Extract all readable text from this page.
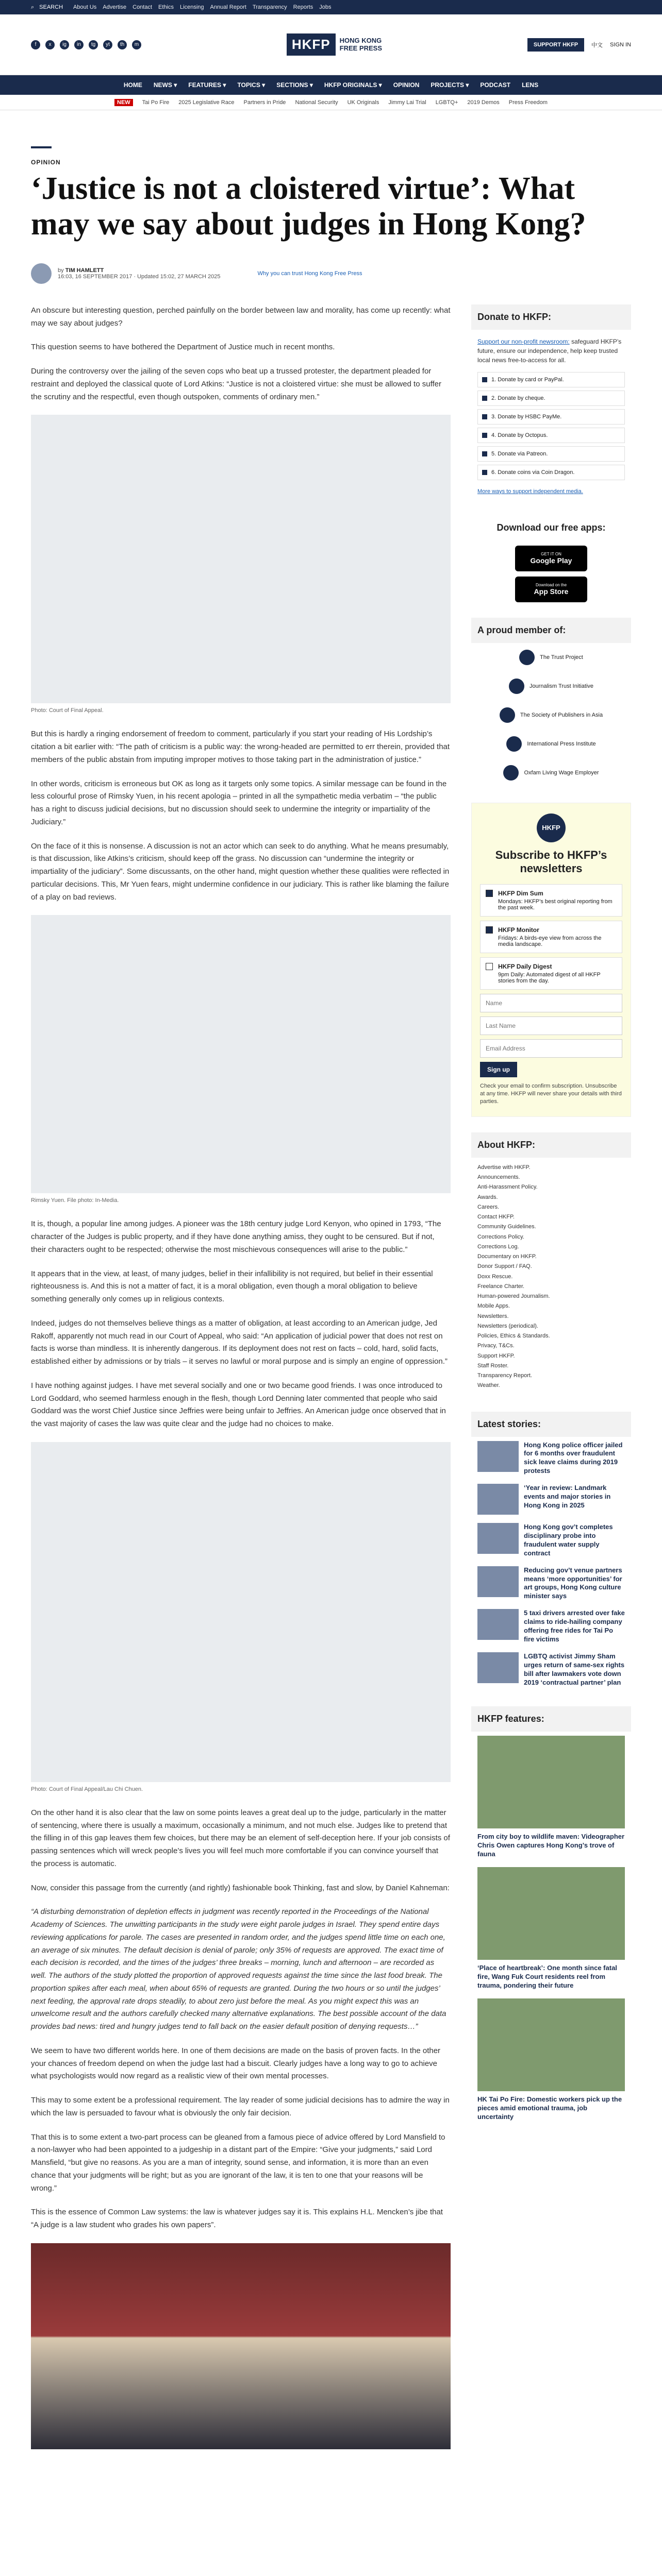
⌕ SEARCH About Us Advertise Contact Ethics Licensing Annual Report Transparency Reports Jobs
f	x	ig	in	tg	yt	th	m	HKFP	HONG KONG
FREE PRESS	SUPPORT HKFP	中文 SIGN IN
HOME NEWS ▾ FEATURES ▾ TOPICS ▾ SECTIONS ▾ HKFP ORIGINALS ▾ OPINION PROJECTS ▾ PODCAST LENS
NEW	Tai Po Fire 2025 Legislative Race Partners in Pride National Security UK Originals Jimmy Lai Trial LGBTQ+ 2019 Demos Press Freedom
OPINION
‘Justice is not a cloistered virtue’: What may we say about judges in Hong Kong?
by TIM HAMLETT
16:03, 16 SEPTEMBER 2017 · Updated 15:02, 27 MARCH 2025	Why you can trust Hong Kong Free Press

An obscure but interesting question, perched painfully on the border between law and morality, has come up recently: what may we say about judges?

This question seems to have bothered the Department of Justice much in recent months.

During the controversy over the jailing of the seven cops who beat up a trussed protester, the department pleaded for restraint and deployed the classical quote of Lord Atkins: “Justice is not a cloistered virtue: she must be allowed to suffer the scrutiny and the respectful, even though outspoken, comments of ordinary men.”

Photo: Court of Final Appeal.

But this is hardly a ringing endorsement of freedom to comment, particularly if you start your reading of His Lordship’s citation a bit earlier with: “The path of criticism is a public way: the wrong-headed are permitted to err therein, provided that members of the public abstain from imputing improper motives to those taking part in the administration of justice.”

In other words, criticism is erroneous but OK as long as it targets only some topics. A similar message can be found in the less colourful prose of Rimsky Yuen, in his recent apologia – printed in all the sympathetic media verbatim – “the public has a right to discuss judicial decisions, but no discussion should seek to undermine the integrity or impartiality of the Judiciary.”

On the face of it this is nonsense. A discussion is not an actor which can seek to do anything. What he means presumably, is that discussion, like Atkins’s criticism, should keep off the grass. No discussion can “undermine the integrity or impartiality of the judiciary”. Some discussants, on the other hand, might question whether these qualities were reflected in particular decisions. This, Mr Yuen fears, might undermine confidence in our judiciary. This is rather like blaming the failure of a play on bad reviews.

Rimsky Yuen. File photo: In-Media.

It is, though, a popular line among judges. A pioneer was the 18th century judge Lord Kenyon, who opined in 1793, “The character of the Judges is public property, and if they have done anything amiss, they ought to be censured. But if not, their characters ought to be respected; otherwise the most mischievous consequences will arise to the public.”

It appears that in the view, at least, of many judges, belief in their infallibility is not required, but belief in their essential righteousness is. And this is not a matter of fact, it is a moral obligation, even though a moral obligation to believe something generally only comes up in religious contexts.

Indeed, judges do not themselves believe things as a matter of obligation, at least according to an American judge, Jed Rakoff, apparently not much read in our Court of Appeal, who said: “An application of judicial power that does not rest on facts is worse than mindless. It is inherently dangerous. If its deployment does not rest on facts – cold, hard, solid facts, established either by admissions or by trials – it serves no lawful or moral purpose and is simply an engine of oppression.”

I have nothing against judges. I have met several socially and one or two became good friends. I was once introduced to Lord Goddard, who seemed harmless enough in the flesh, though Lord Denning later commented that people who said Goddard was the worst Chief Justice since Jeffries were being unfair to Jeffries. An American judge once observed that in the vast majority of cases the law was quite clear and the judge had no choices to make.

Photo: Court of Final Appeal/Lau Chi Chuen.

On the other hand it is also clear that the law on some points leaves a great deal up to the judge, particularly in the matter of sentencing, where there is usually a maximum, occasionally a minimum, and not much else. Judges like to pretend that the filling in of this gap leaves them few choices, but there may be an element of self-deception here. If your job consists of passing sentences which will wreck people’s lives you will feel much more comfortable if you can convince yourself that the process is automatic.

Now, consider this passage from the currently (and rightly) fashionable book Thinking, fast and slow, by Daniel Kahneman:

“A disturbing demonstration of depletion effects in judgment was recently reported in the Proceedings of the National Academy of Sciences. The unwitting participants in the study were eight parole judges in Israel. They spend entire days reviewing applications for parole. The cases are presented in random order, and the judges spend little time on each one, an average of six minutes. The default decision is denial of parole; only 35% of requests are approved. The exact time of each decision is recorded, and the times of the judges’ three breaks – morning, lunch and afternoon – are recorded as well. The authors of the study plotted the proportion of approved requests against the time since the last food break. The proportion spikes after each meal, when about 65% of requests are granted. During the two hours or so until the judges’ next feeding, the approval rate drops steadily, to about zero just before the meal. As you might expect this was an unwelcome result and the authors carefully checked many alternative explanations. The best possible account of the data provides bad news: tired and hungry judges tend to fall back on the easier default position of denying requests…”

We seem to have two different worlds here. In one of them decisions are made on the basis of proven facts. In the other your chances of freedom depend on when the judge last had a biscuit. Clearly judges have a long way to go to achieve what psychologists would now regard as a realistic view of their own mental processes.

This may to some extent be a professional requirement. The lay reader of some judicial decisions has to admire the way in which the law is persuaded to favour what is obviously the only fair decision.

That this is to some extent a two-part process can be gleaned from a famous piece of advice offered by Lord Mansfield to a non-lawyer who had been appointed to a judgeship in a distant part of the Empire: “Give your judgments,” said Lord Mansfield, “but give no reasons. As you are a man of integrity, sound sense, and information, it is more than an even chance that your judgments will be right; but as you are ignorant of the law, it is ten to one that your reasons will be wrong.”

This is the essence of Common Law systems: the law is whatever judges say it is. This explains H.L. Mencken’s jibe that “A judge is a law student who grades his own papers”.

Donate to HKFP:
Support our non-profit newsroom: safeguard HKFP’s future, ensure our independence, help keep trusted local news free-to-access for all.
1. Donate by card or PayPal.
2. Donate by cheque.
3. Donate by HSBC PayMe.
4. Donate by Octopus.
5. Donate via Patreon.
6. Donate coins via Coin Dragon.
More ways to support independent media.
Download our free apps:
GET IT ON
Google Play
Download on the
App Store
A proud member of:
The Trust Project
Journalism Trust Initiative
The Society of Publishers in Asia
International Press Institute
Oxfam Living Wage Employer
HKFP
Subscribe to HKFP’s newsletters
HKFP Dim Sum
Mondays: HKFP’s best original reporting from the past week.
HKFP Monitor
Fridays: A birds-eye view from across the media landscape.
HKFP Daily Digest
9pm Daily: Automated digest of all HKFP stories from the day.
Name Last Name Email Address Sign up
Check your email to confirm subscription. Unsubscribe at any time. HKFP will never share your details with third parties.
About HKFP:
Advertise with HKFP.
Announcements.
Anti-Harassment Policy.
Awards.
Careers.
Contact HKFP.
Community Guidelines.
Corrections Policy.
Corrections Log.
Documentary on HKFP.
Donor Support / FAQ.
Doxx Rescue.
Freelance Charter.
Human-powered Journalism.
Mobile Apps.
Newsletters.
Newsletters (periodical).
Policies, Ethics & Standards.
Privacy, T&Cs.
Support HKFP.
Staff Roster.
Transparency Report.
Weather.
Latest stories:
Hong Kong police officer jailed for 6 months over fraudulent sick leave claims during 2019 protests
‘Year in review: Landmark events and major stories in Hong Kong in 2025
Hong Kong gov’t completes disciplinary probe into fraudulent water supply contract
Reducing gov’t venue partners means ‘more opportunities’ for art groups, Hong Kong culture minister says
5 taxi drivers arrested over fake claims to ride-hailing company offering free rides for Tai Po fire victims
LGBTQ activist Jimmy Sham urges return of same-sex rights bill after lawmakers vote down 2019 ‘contractual partner’ plan
HKFP features:
From city boy to wildlife maven: Videographer Chris Owen captures Hong Kong’s trove of fauna
‘Place of heartbreak’: One month since fatal fire, Wang Fuk Court residents reel from trauma, pondering their future
HK Tai Po Fire: Domestic workers pick up the pieces amid emotional trauma, job uncertainty
